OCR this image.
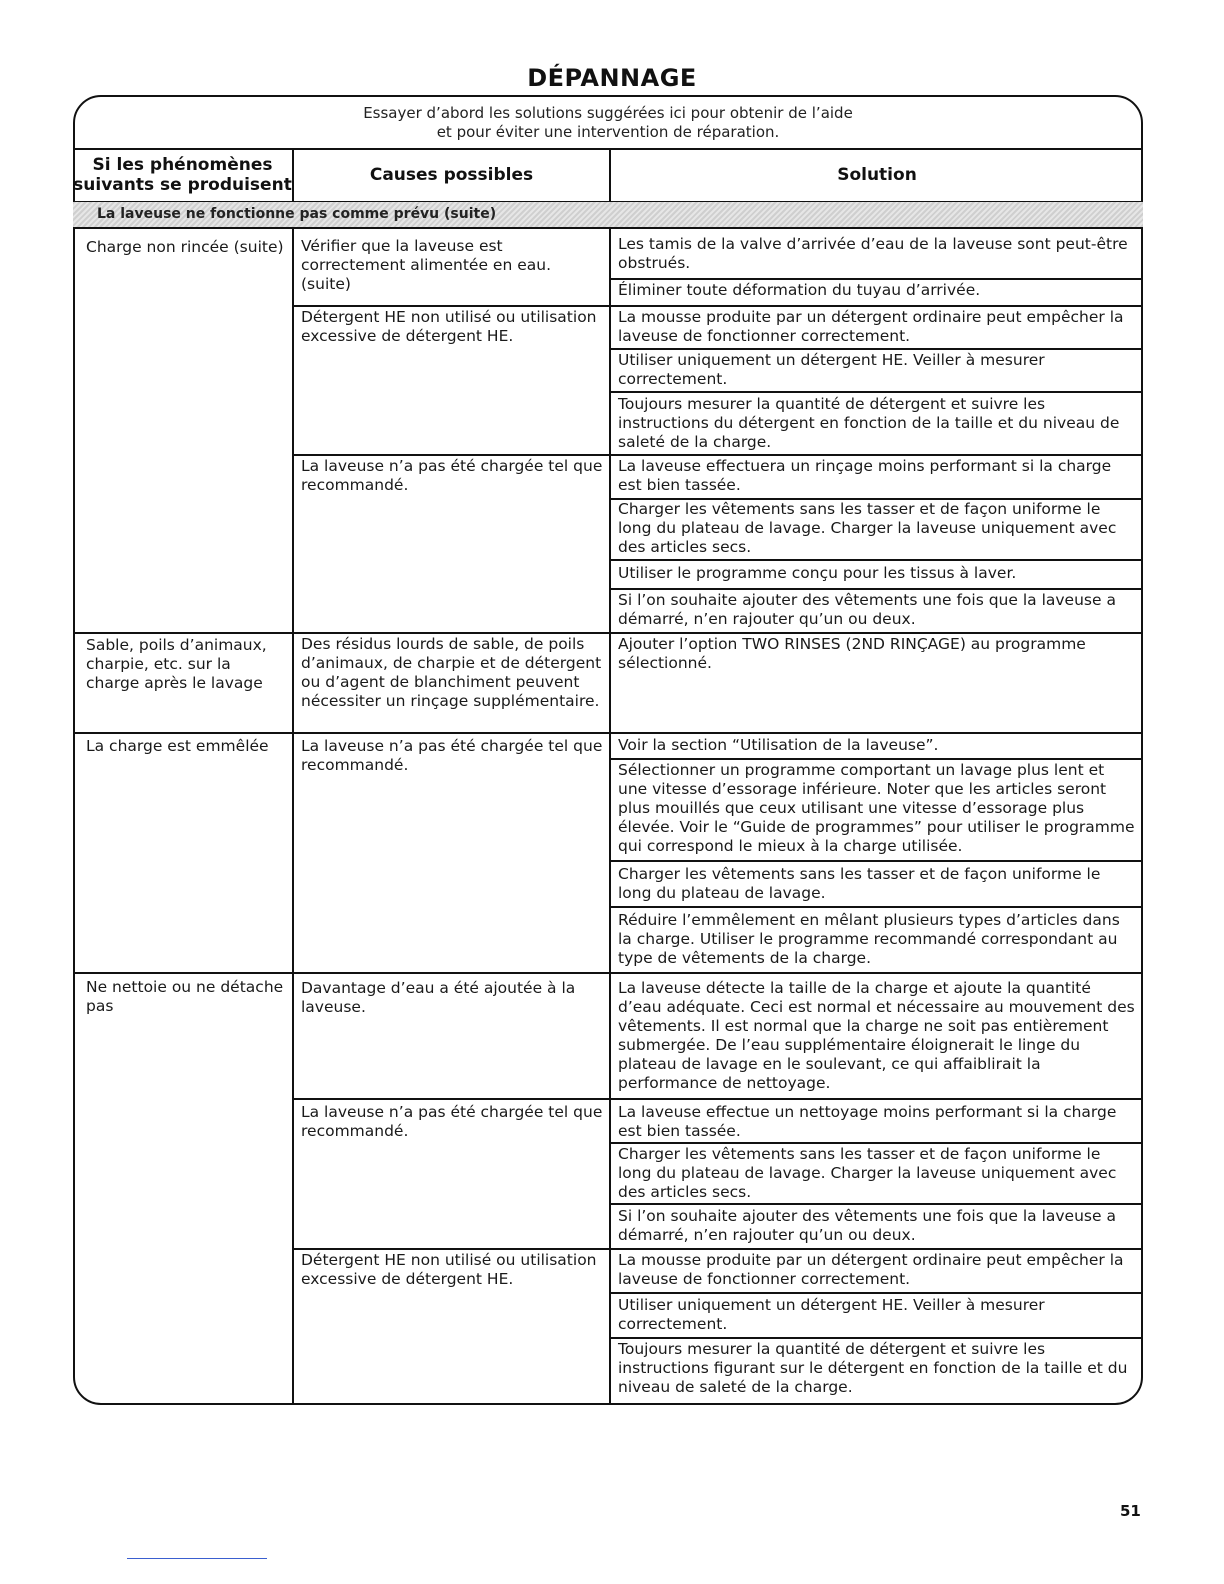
DÉPANNAGE
Essayer d’abord les solutions suggérées ici pour obtenir de l’aide
et pour éviter une intervention de réparation.
La laveuse ne fonctionne pas comme prévu (suite)
Si les phénomènes suivants se produisent	Causes possibles	Solution
Charge non rincée (suite)
Sable, poils d’animaux, charpie, etc. sur la charge après le lavage
La charge est emmêlée
Ne nettoie ou ne détache pas
Vérifier que la laveuse est correctement alimentée en eau. (suite)
Détergent HE non utilisé ou utilisation excessive de détergent HE.
La laveuse n’a pas été chargée tel que recommandé.
Des résidus lourds de sable, de poils d’animaux, de charpie et de détergent ou d’agent de blanchiment peuvent nécessiter un rinçage supplémentaire.
La laveuse n’a pas été chargée tel que recommandé.
Davantage d’eau a été ajoutée à la laveuse.
La laveuse n’a pas été chargée tel que recommandé.
Détergent HE non utilisé ou utilisation excessive de détergent HE.
Les tamis de la valve d’arrivée d’eau de la laveuse sont peut-être obstrués.
Éliminer toute déformation du tuyau d’arrivée.
La mousse produite par un détergent ordinaire peut empêcher la laveuse de fonctionner correctement.
Utiliser uniquement un détergent HE. Veiller à mesurer correctement.
Toujours mesurer la quantité de détergent et suivre les instructions du détergent en fonction de la taille et du niveau de saleté de la charge.
La laveuse effectuera un rinçage moins performant si la charge est bien tassée.
Charger les vêtements sans les tasser et de façon uniforme le long du plateau de lavage. Charger la laveuse uniquement avec des articles secs.
Utiliser le programme conçu pour les tissus à laver.
Si l’on souhaite ajouter des vêtements une fois que la laveuse a démarré, n’en rajouter qu’un ou deux.
Ajouter l’option TWO RINSES (2ND RINÇAGE) au programme sélectionné.
Voir la section “Utilisation de la laveuse”.
Sélectionner un programme comportant un lavage plus lent et une vitesse d’essorage inférieure. Noter que les articles seront plus mouillés que ceux utilisant une vitesse d’essorage plus élevée. Voir le “Guide de programmes” pour utiliser le programme qui correspond le mieux à la charge utilisée.
Charger les vêtements sans les tasser et de façon uniforme le long du plateau de lavage.
Réduire l’emmêlement en mêlant plusieurs types d’articles dans la charge. Utiliser le programme recommandé correspondant au type de vêtements de la charge.
La laveuse détecte la taille de la charge et ajoute la quantité d’eau adéquate. Ceci est normal et nécessaire au mouvement des vêtements. Il est normal que la charge ne soit pas entièrement submergée. De l’eau supplémentaire éloignerait le linge du plateau de lavage en le soulevant, ce qui affaiblirait la performance de nettoyage.
La laveuse effectue un nettoyage moins performant si la charge est bien tassée.
Charger les vêtements sans les tasser et de façon uniforme le long du plateau de lavage. Charger la laveuse uniquement avec des articles secs.
Si l’on souhaite ajouter des vêtements une fois que la laveuse a démarré, n’en rajouter qu’un ou deux.
La mousse produite par un détergent ordinaire peut empêcher la laveuse de fonctionner correctement.
Utiliser uniquement un détergent HE. Veiller à mesurer correctement.
Toujours mesurer la quantité de détergent et suivre les instructions figurant sur le détergent en fonction de la taille et du niveau de saleté de la charge.
51
